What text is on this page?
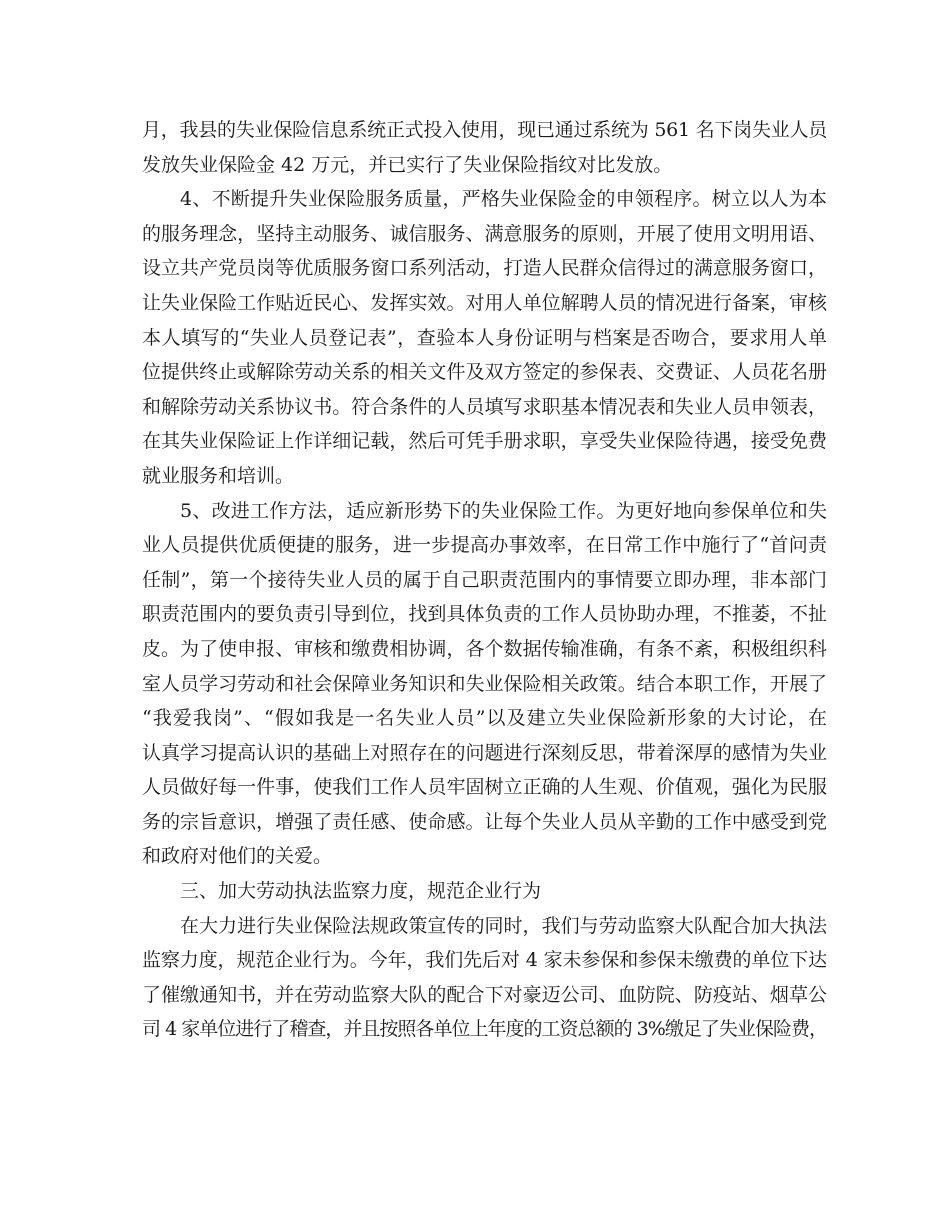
月，我县的失业保险信息系统正式投入使用，现已通过系统为 561 名下岗失业人员
发放失业保险金 42 万元，并已实行了失业保险指纹对比发放。
4、不断提升失业保险服务质量，严格失业保险金的申领程序。树立以人为本
的服务理念，坚持主动服务、诚信服务、满意服务的原则，开展了使用文明用语、
设立共产党员岗等优质服务窗口系列活动，打造人民群众信得过的满意服务窗口，
让失业保险工作贴近民心、发挥实效。对用人单位解聘人员的情况进行备案，审核
本人填写的“失业人员登记表”，查验本人身份证明与档案是否吻合，要求用人单
位提供终止或解除劳动关系的相关文件及双方签定的参保表、交费证、人员花名册
和解除劳动关系协议书。符合条件的人员填写求职基本情况表和失业人员申领表，
在其失业保险证上作详细记载，然后可凭手册求职，享受失业保险待遇，接受免费
就业服务和培训。
5、改进工作方法，适应新形势下的失业保险工作。为更好地向参保单位和失
业人员提供优质便捷的服务，进一步提高办事效率，在日常工作中施行了“首问责
任制”，第一个接待失业人员的属于自己职责范围内的事情要立即办理，非本部门
职责范围内的要负责引导到位，找到具体负责的工作人员协助办理，不推萎，不扯
皮。为了使申报、审核和缴费相协调，各个数据传输准确，有条不紊，积极组织科
室人员学习劳动和社会保障业务知识和失业保险相关政策。结合本职工作，开展了
“我爱我岗”、“假如我是一名失业人员”以及建立失业保险新形象的大讨论，在
认真学习提高认识的基础上对照存在的问题进行深刻反思，带着深厚的感情为失业
人员做好每一件事，使我们工作人员牢固树立正确的人生观、价值观，强化为民服
务的宗旨意识，增强了责任感、使命感。让每个失业人员从辛勤的工作中感受到党
和政府对他们的关爱。
三、加大劳动执法监察力度，规范企业行为
在大力进行失业保险法规政策宣传的同时，我们与劳动监察大队配合加大执法
监察力度，规范企业行为。今年，我们先后对 4 家未参保和参保未缴费的单位下达
了催缴通知书，并在劳动监察大队的配合下对豪迈公司、血防院、防疫站、烟草公
司 4 家单位进行了稽查，并且按照各单位上年度的工资总额的 3%缴足了失业保险费，
